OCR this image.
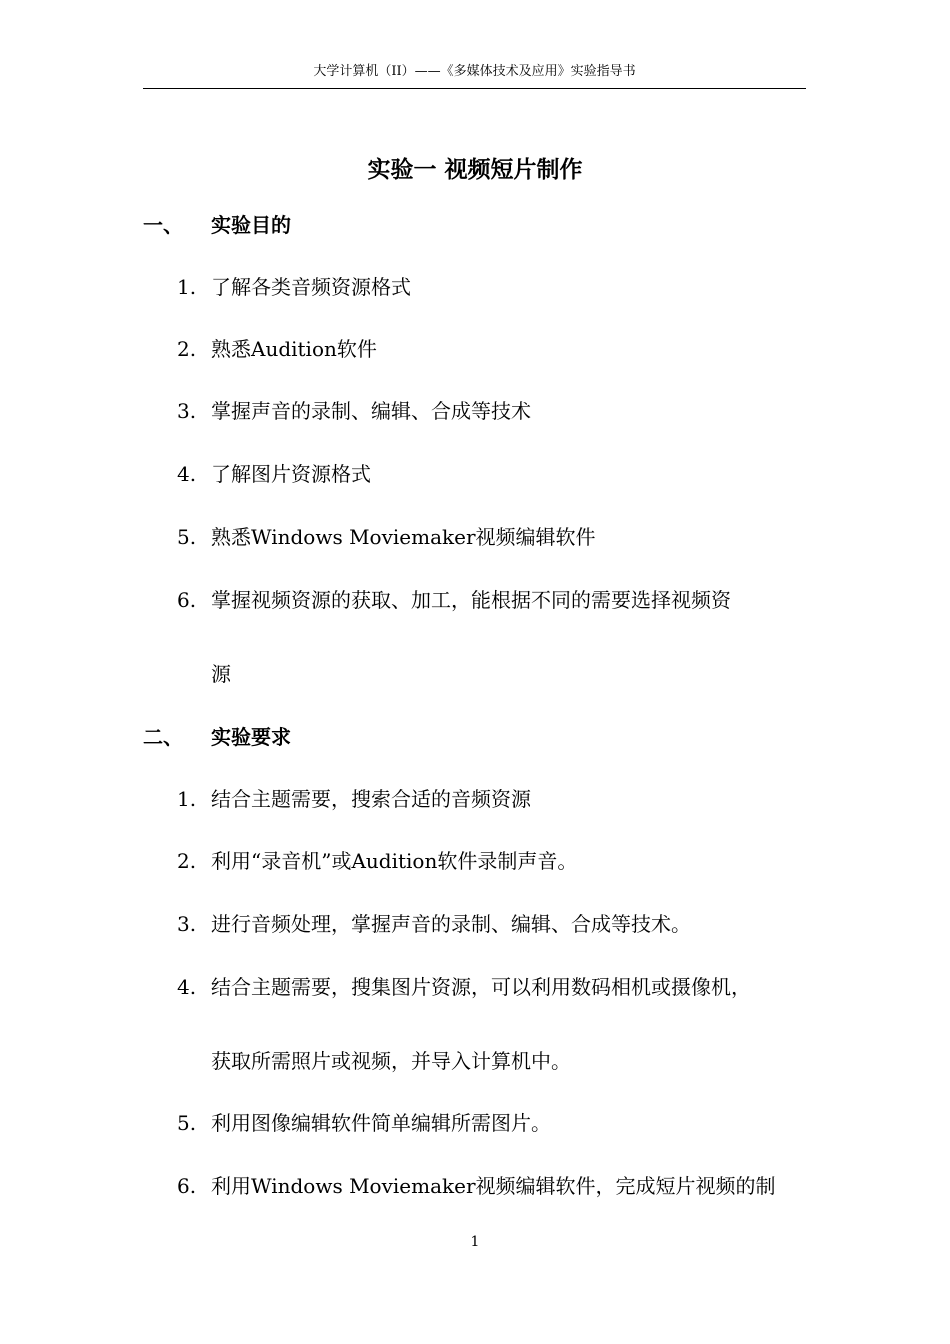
大学计算机（II）——《多媒体技术及应用》实验指导书
实验一 视频短片制作
一、 实验目的
1. 了解各类音频资源格式
2. 熟悉Audition软件
3. 掌握声音的录制、编辑、合成等技术
4. 了解图片资源格式
5. 熟悉Windows Moviemaker视频编辑软件
6. 掌握视频资源的获取、加工，能根据不同的需要选择视频资
源
二、 实验要求
1. 结合主题需要，搜索合适的音频资源
2. 利用“录音机”或Audition软件录制声音。
3. 进行音频处理，掌握声音的录制、编辑、合成等技术。
4. 结合主题需要，搜集图片资源，可以利用数码相机或摄像机，
获取所需照片或视频，并导入计算机中。
5. 利用图像编辑软件简单编辑所需图片。
6. 利用Windows Moviemaker视频编辑软件，完成短片视频的制
1
